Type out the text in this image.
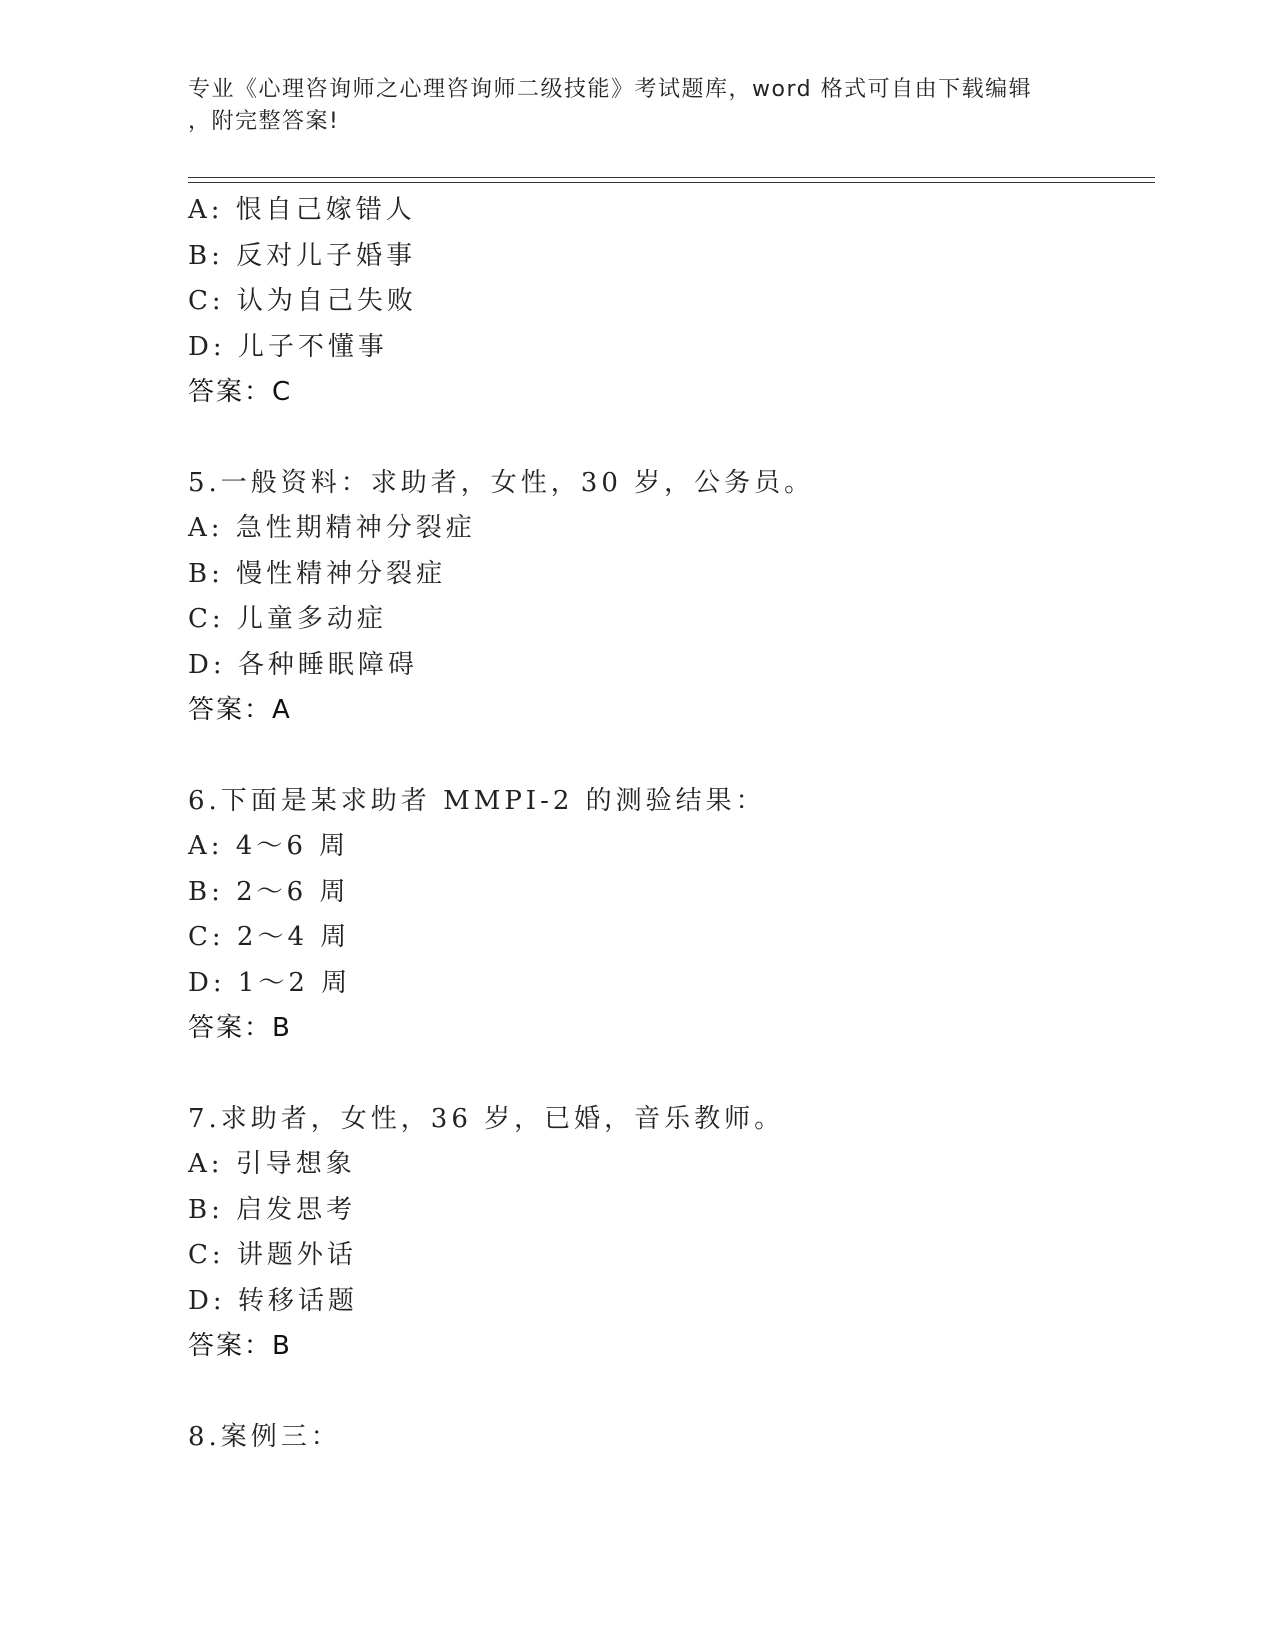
专业《心理咨询师之心理咨询师二级技能》考试题库，word 格式可自由下载编辑
，附完整答案!
A: 恨自己嫁错人
B: 反对儿子婚事
C: 认为自己失败
D: 儿子不懂事
答案：C
5.一般资料：求助者，女性，30 岁，公务员。
A: 急性期精神分裂症
B: 慢性精神分裂症
C: 儿童多动症
D: 各种睡眠障碍
答案：A
6.下面是某求助者 MMPI-2 的测验结果：
A: 4～6 周
B: 2～6 周
C: 2～4 周
D: 1～2 周
答案：B
7.求助者，女性，36 岁，已婚，音乐教师。
A: 引导想象
B: 启发思考
C: 讲题外话
D: 转移话题
答案：B
8.案例三：
